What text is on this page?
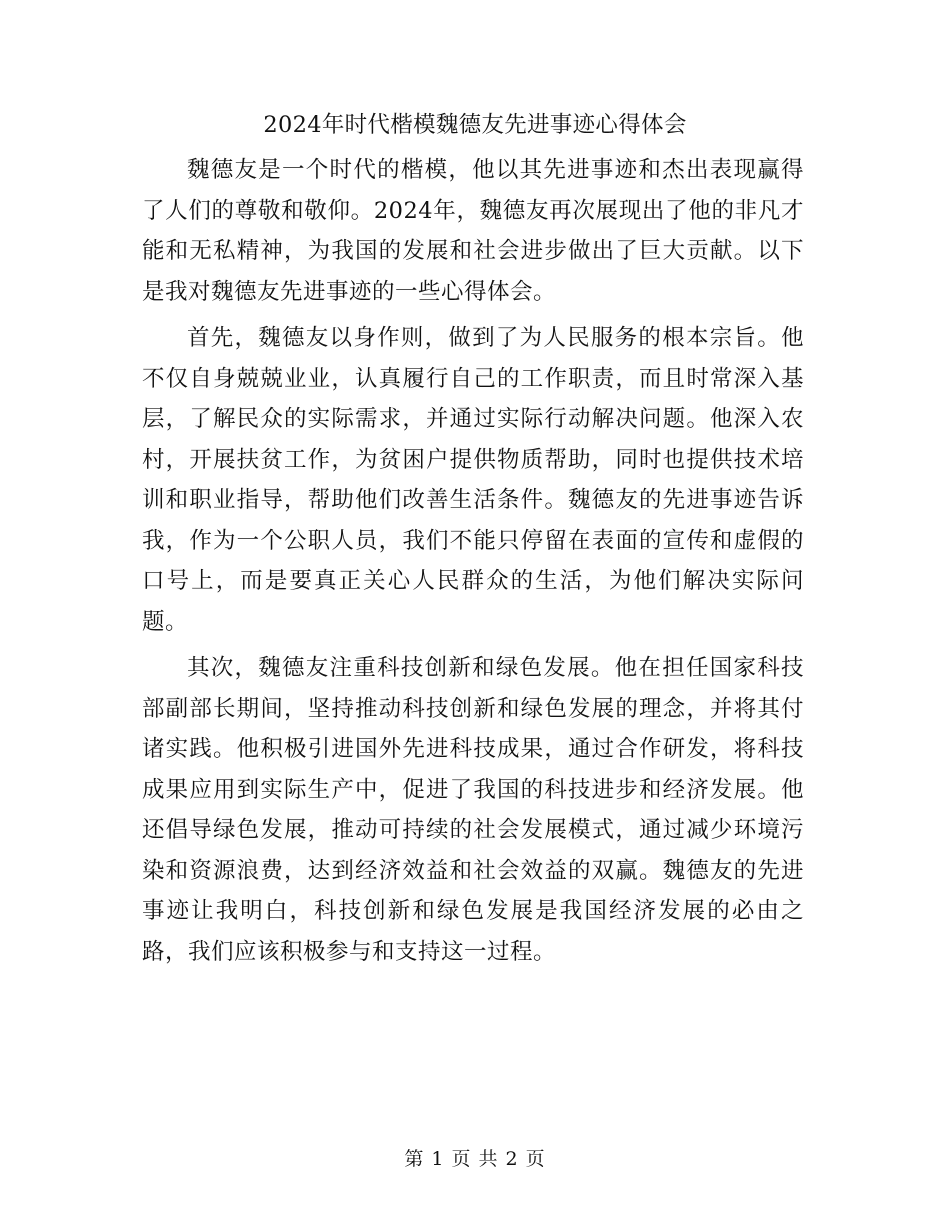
2024年时代楷模魏德友先进事迹心得体会

魏德友是一个时代的楷模，他以其先进事迹和杰出表现赢得了人们的尊敬和敬仰。2024年，魏德友再次展现出了他的非凡才能和无私精神，为我国的发展和社会进步做出了巨大贡献。以下是我对魏德友先进事迹的一些心得体会。

首先，魏德友以身作则，做到了为人民服务的根本宗旨。他不仅自身兢兢业业，认真履行自己的工作职责，而且时常深入基层，了解民众的实际需求，并通过实际行动解决问题。他深入农村，开展扶贫工作，为贫困户提供物质帮助，同时也提供技术培训和职业指导，帮助他们改善生活条件。魏德友的先进事迹告诉我，作为一个公职人员，我们不能只停留在表面的宣传和虚假的口号上，而是要真正关心人民群众的生活，为他们解决实际问题。

其次，魏德友注重科技创新和绿色发展。他在担任国家科技部副部长期间，坚持推动科技创新和绿色发展的理念，并将其付诸实践。他积极引进国外先进科技成果，通过合作研发，将科技成果应用到实际生产中，促进了我国的科技进步和经济发展。他还倡导绿色发展，推动可持续的社会发展模式，通过减少环境污染和资源浪费，达到经济效益和社会效益的双赢。魏德友的先进事迹让我明白，科技创新和绿色发展是我国经济发展的必由之路，我们应该积极参与和支持这一过程。

第 1 页 共 2 页
